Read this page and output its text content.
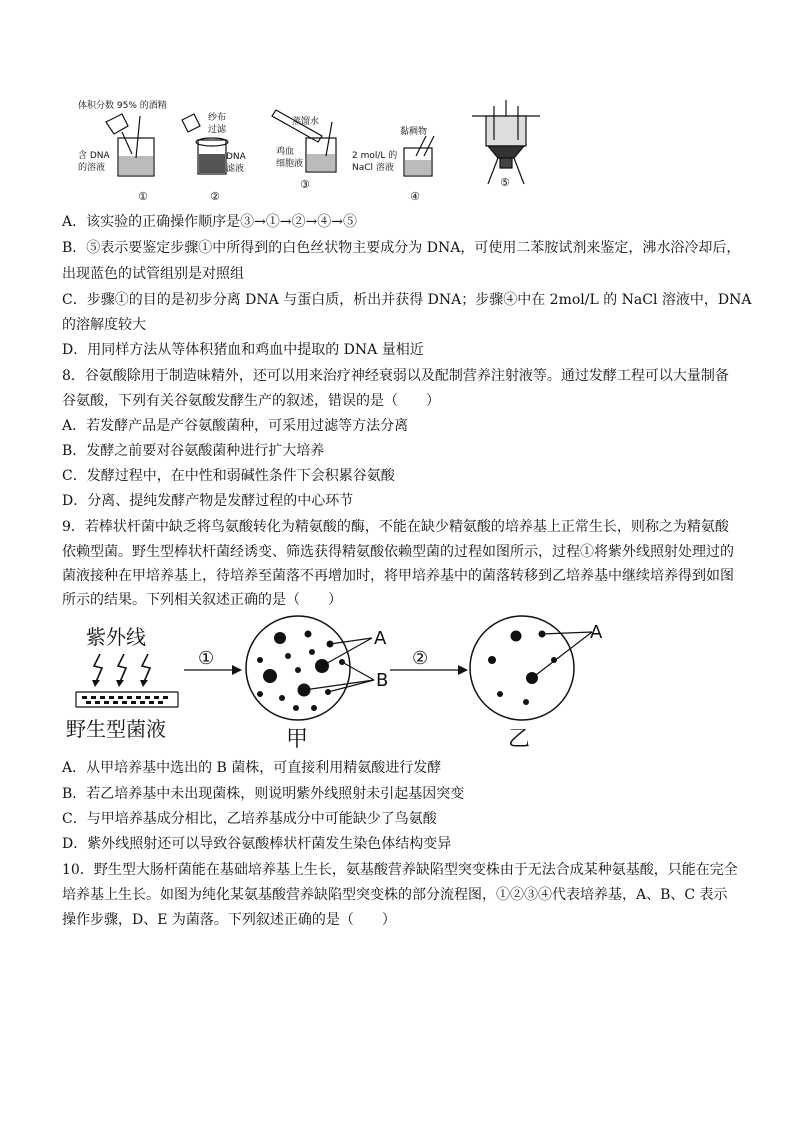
体积分数 95% 的酒精
纱布
过滤
蒸馏水
黏稠物
含 DNA
的溶液
DNA
滤液
鸡血
细胞液
2 mol/L 的
NaCl 溶液
①	②
③
④
⑤
A．该实验的正确操作顺序是③→①→②→④→⑤
B．⑤表示要鉴定步骤①中所得到的白色丝状物主要成分为 DNA，可使用二苯胺试剂来鉴定，沸水浴冷却后，
出现蓝色的试管组别是对照组
C．步骤①的目的是初步分离 DNA 与蛋白质，析出并获得 DNA；步骤④中在 2mol/L 的 NaCl 溶液中，DNA
的溶解度较大
D．用同样方法从等体积猪血和鸡血中提取的 DNA 量相近
8．谷氨酸除用于制造味精外，还可以用来治疗神经衰弱以及配制营养注射液等。通过发酵工程可以大量制备
谷氨酸，下列有关谷氨酸发酵生产的叙述，错误的是（　　）
A．若发酵产品是产谷氨酸菌种，可采用过滤等方法分离
B．发酵之前要对谷氨酸菌种进行扩大培养
C．发酵过程中，在中性和弱碱性条件下会积累谷氨酸
D．分离、提纯发酵产物是发酵过程的中心环节
9．若棒状杆菌中缺乏将鸟氨酸转化为精氨酸的酶，不能在缺少精氨酸的培养基上正常生长，则称之为精氨酸
依赖型菌。野生型棒状杆菌经诱变、筛选获得精氨酸依赖型菌的过程如图所示，过程①将紫外线照射处理过的
菌液接种在甲培养基上，待培养至菌落不再增加时，将甲培养基中的菌落转移到乙培养基中继续培养得到如图
所示的结果。下列相关叙述正确的是（　　）
紫外线
野生型菌液
①
A
B
甲
②
A
乙
A．从甲培养基中选出的 B 菌株，可直接利用精氨酸进行发酵
B．若乙培养基中未出现菌株，则说明紫外线照射未引起基因突变
C．与甲培养基成分相比，乙培养基成分中可能缺少了鸟氨酸
D．紫外线照射还可以导致谷氨酸棒状杆菌发生染色体结构变异
10．野生型大肠杆菌能在基础培养基上生长，氨基酸营养缺陷型突变株由于无法合成某种氨基酸，只能在完全
培养基上生长。如图为纯化某氨基酸营养缺陷型突变株的部分流程图，①②③④代表培养基，A、B、C 表示
操作步骤，D、E 为菌落。下列叙述正确的是（　　）
